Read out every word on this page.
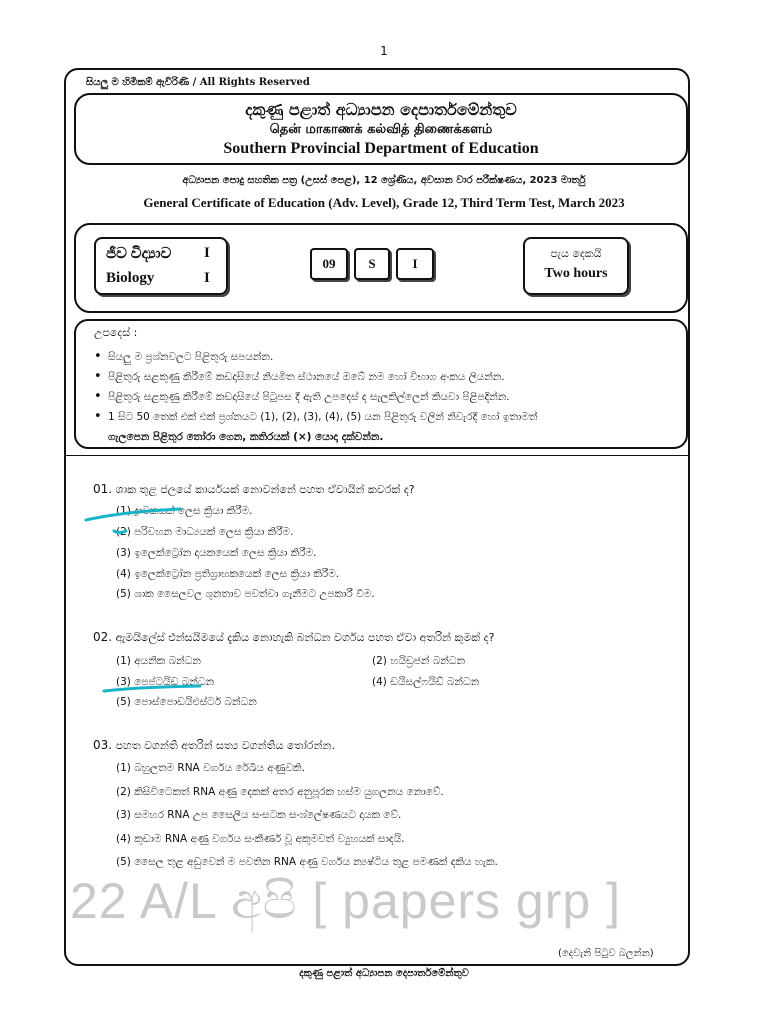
1
සියලු ම හිමිකම් ඇවිරිණි / All Rights Reserved
දකුණු පළාත් අධ්‍යාපන දෙපාර්තමේන්තුව
தென் மாகாணக் கல்வித் திணைக்களம்
Southern Provincial Department of Education
අධ්‍යාපන පොදු සහතික පත්‍ර (උසස් පෙළ), 12 ශ්‍රේණිය, අවසාන වාර පරීක්ෂණය, 2023 මාර්තු
General Certificate of Education (Adv. Level), Grade 12, Third Term Test, March 2023
ජීව විද්‍යාව I
Biology	I
09	S	I
පැය දෙකයි
Two hours
උපදෙස් :
• සියලු ම ප්‍රශ්නවලට පිළිතුරු සපයන්න.
• පිළිතුරු සළකුණු කිරීමේ කඩදාසියේ නියමිත ස්ථානයේ ඔබේ නම හෝ විභාග අංකය ලියන්න.
• පිළිතුරු සළකුණු කිරීමේ කඩදාසියේ පිටුපස දී ඇති උපදෙස් ද සැලකිල්ලෙන් කියවා පිළිපදින්න.
• 1 සිට 50 තෙක් එක් එක් ප්‍රශ්නයට (1), (2), (3), (4), (5) යන පිළිතුරු වලින් නිවැරදි හෝ ඉතාමත්
ගැලපෙන පිළිතුර තෝරා ගෙන, කතිරයක් (×) යොදා දක්වන්න.
01. ශාක තුළ ජලයේ කාර්යයක් නොවන්නේ පහත ඒවායින් කවරක් ද?
(1) ද්‍රාවකයක් ලෙස ක්‍රියා කිරීම.
(2) පරිවහන මාධ්‍යයක් ලෙස ක්‍රියා කිරීම.
(3) ඉලෙක්ට්‍රෝන දායකයෙක් ලෙස ක්‍රියා කිරීම.
(4) ඉලෙක්ට්‍රෝන ප්‍රතිග්‍රාහකයෙක් ලෙස ක්‍රියා කිරීම.
(5) ශාක සෛලවල ශුනතාව පවත්වා ගැනීමට උපකාරී වීම.
02. ඇමයිලේස් එන්සයිමයේ දැකිය නොහැකි බන්ධන වර්ගය පහත ඒවා අතරින් කුමක් ද?
(1) අයනික බන්ධන	(2) හයිඩ්‍රජන් බන්ධන
(3) පෙප්ටයිඩ බන්ධන	(4) ඩයිසල්ෆයිඩ් බන්ධන
(5) පොස්පොඩයිඑස්ටර් බන්ධන
03. පහත වගන්ති අතරින් සත්‍ය වගන්තිය තෝරන්න.
(1) බහුලතම RNA වර්ගය රේඛීය අණුවකි.
(2) කිසිවිටෙකත් RNA අණු දෙකක් අතර අනුපූරක හස්ම යුගලනය නොවේ.
(3) සමහර RNA උප සෛලීය සංසටක සංශ්ලේෂණයට දායක වේ.
(4) කුඩාම RNA අණු වර්ගය සංකීර්ණ වූ අකුමවත් ව්‍යුහයක් සාදයි.
(5) සෛල තුළ අඩුවෙන් ම පවතින RNA අණු වර්ගය න්‍යෂ්ටිය තුළ පමණක් දකිය හැක.
22 A/L අපි [ papers grp ]
(දෙවැනි පිටුව බලන්න)
දකුණු පළාත් අධ්‍යාපන දෙපාර්තමේන්තුව
